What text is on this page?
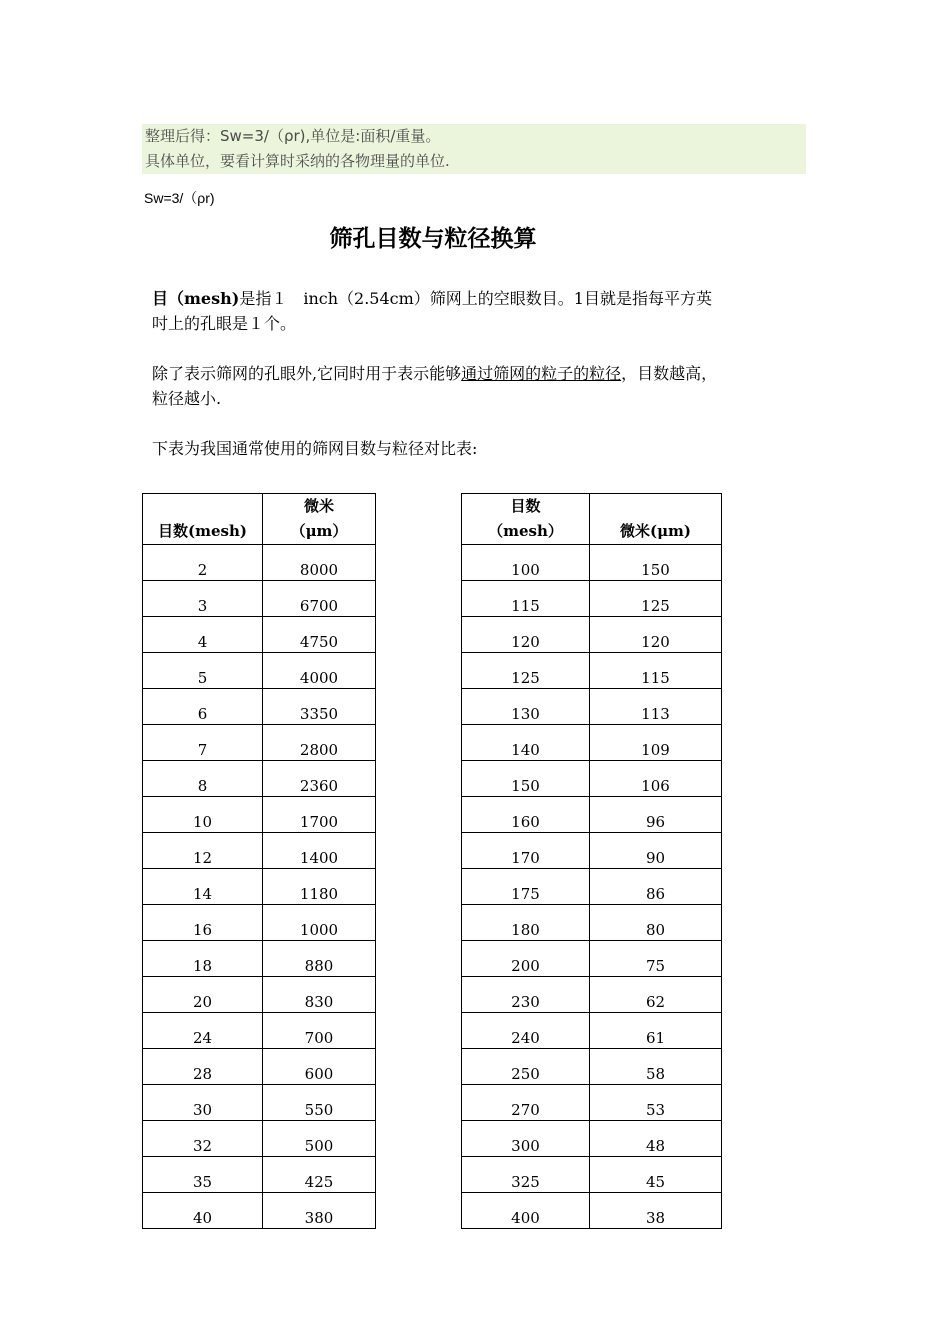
整理后得：Sw=3/（ρr),单位是:面积/重量。
具体单位，要看计算时采纳的各物理量的单位.
Sw=3/（ρr)
筛孔目数与粒径换算
目（mesh)是指１　inch（2.54cm）筛网上的空眼数目。1目就是指每平方英吋上的孔眼是１个。
除了表示筛网的孔眼外,它同时用于表示能够通过筛网的粒子的粒径，目数越高，粒径越小.
下表为我国通常使用的筛网目数与粒径对比表:
目数(mesh)	微米
（μm）
2	8000
3	6700
4	4750
5	4000
6	3350
7	2800
8	2360
10	1700
12	1400
14	1180
16	1000
18	880
20	830
24	700
28	600
30	550
32	500
35	425
40	380
目数
（mesh）	微米(μm)
100	150
115	125
120	120
125	115
130	113
140	109
150	106
160	96
170	90
175	86
180	80
200	75
230	62
240	61
250	58
270	53
300	48
325	45
400	38
